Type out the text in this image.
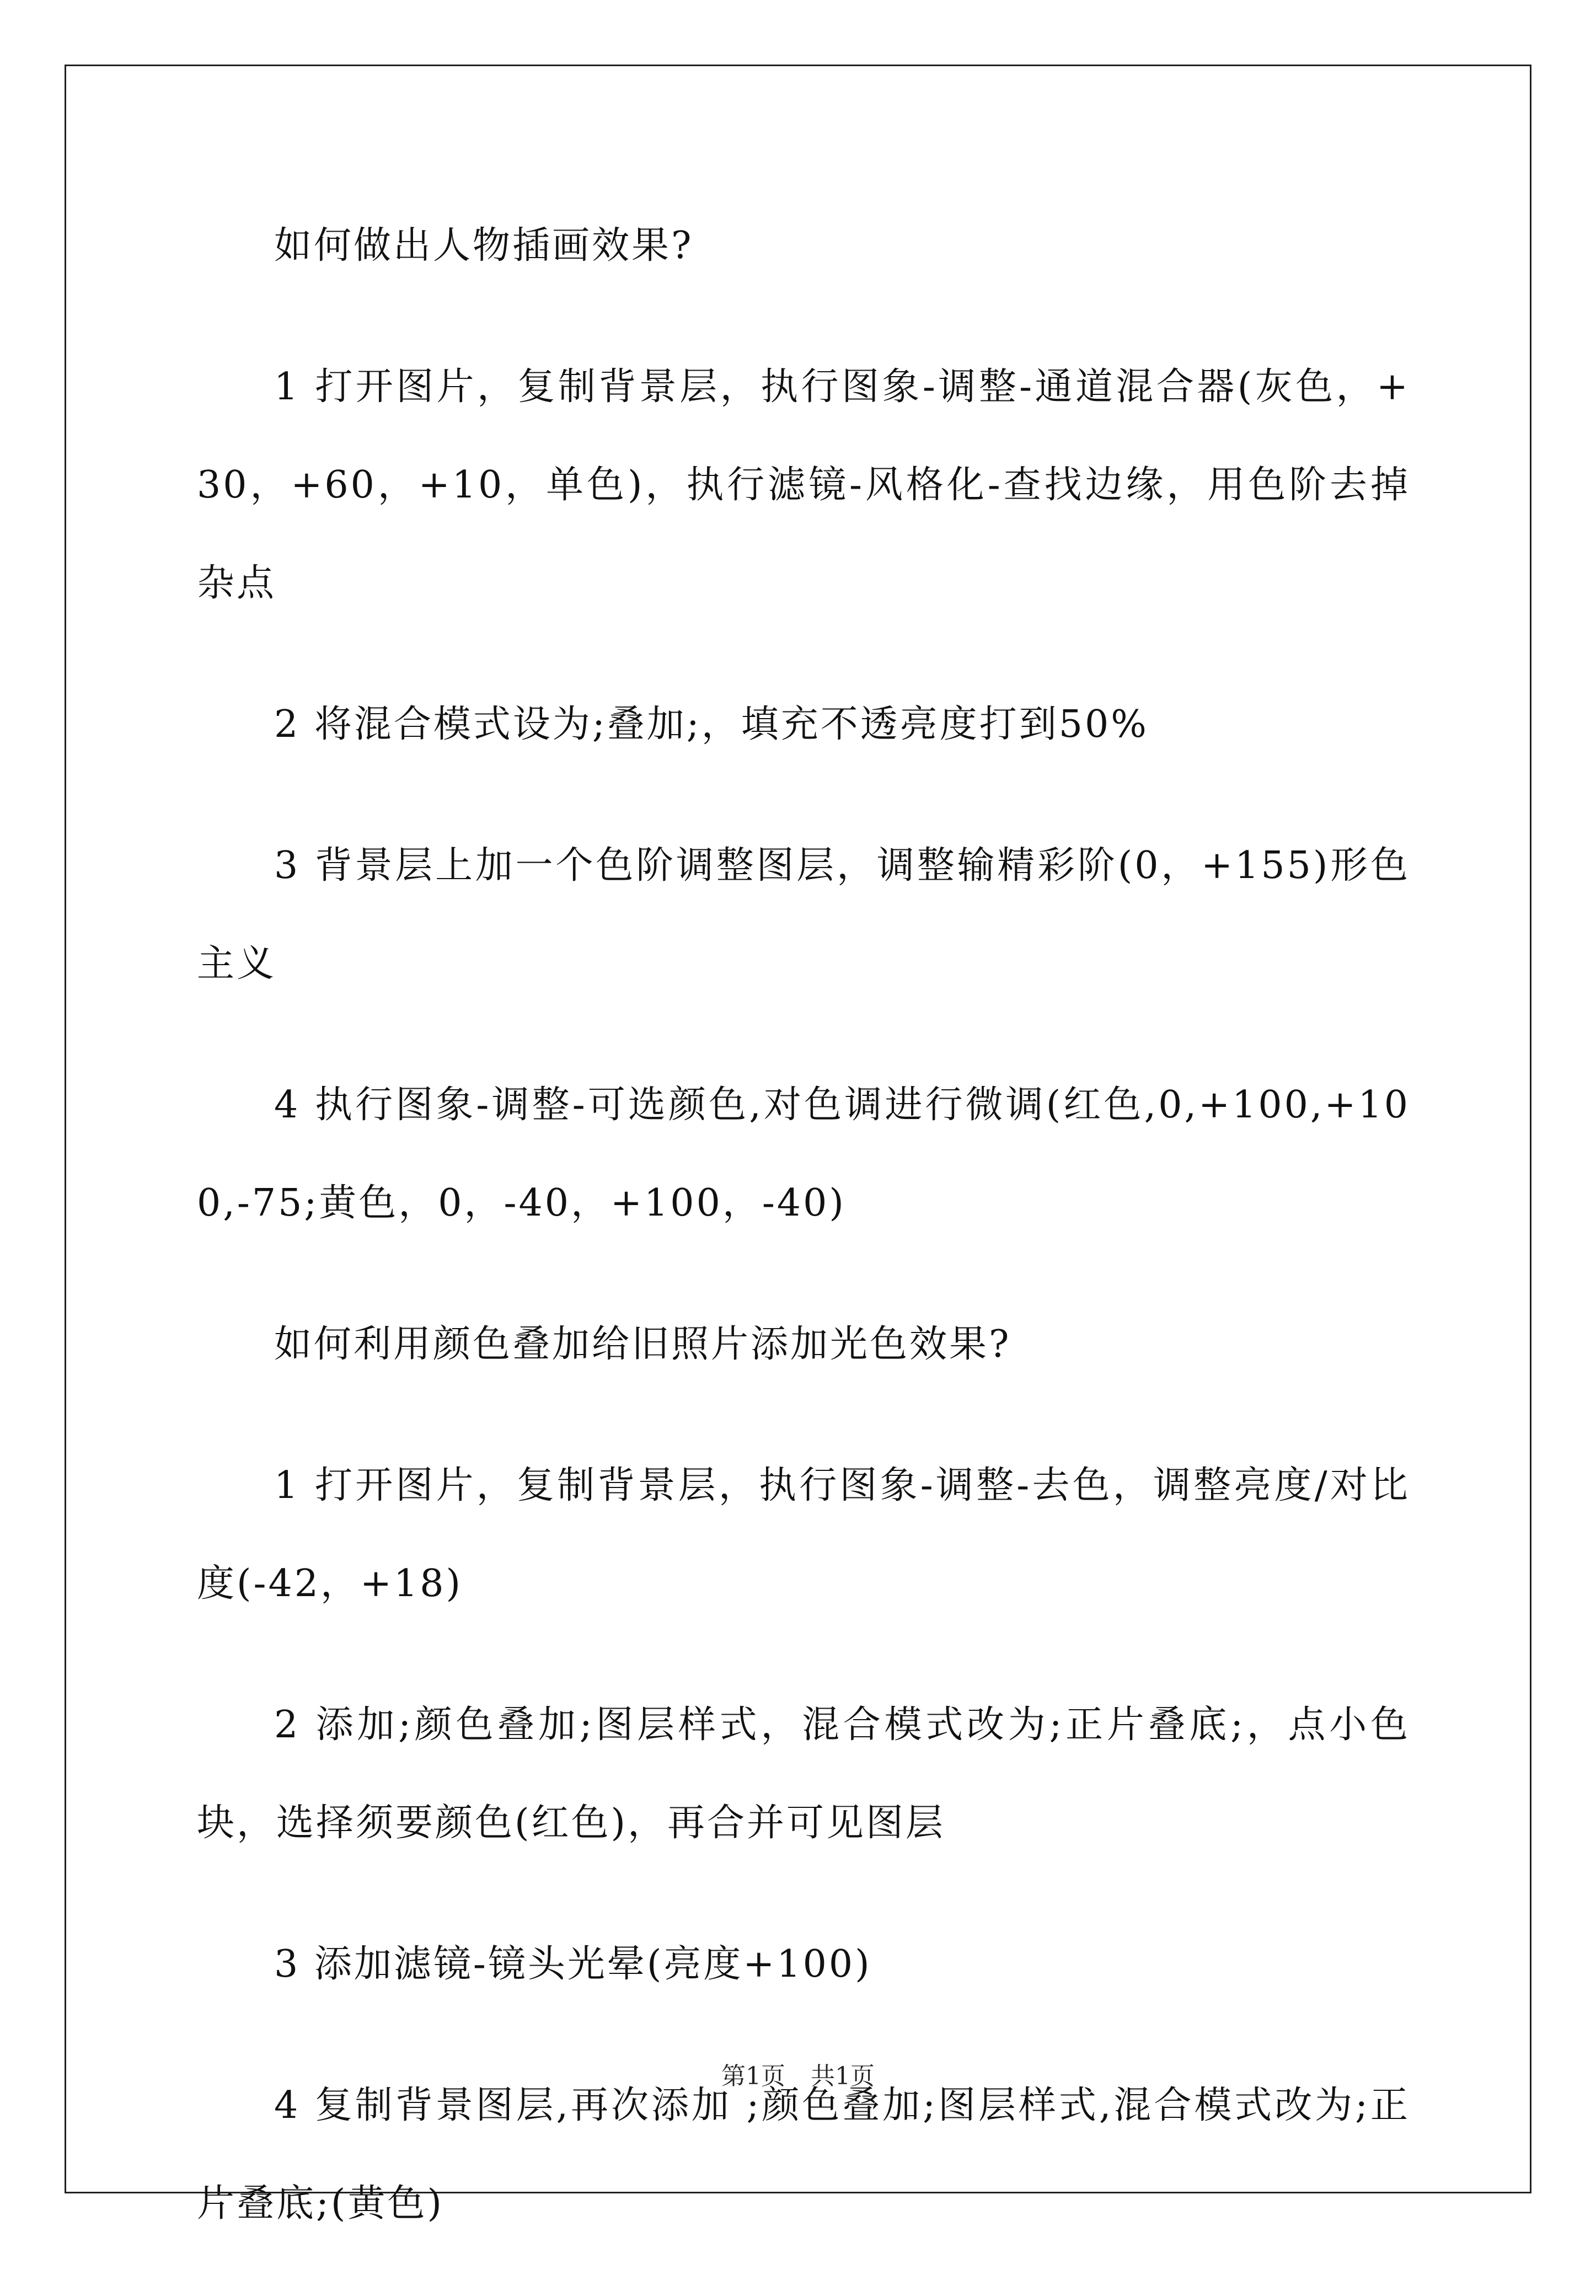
如何做出人物插画效果?

1 打开图片，复制背景层，执行图象-调整-通道混合器(灰色，+30，+60，+10，单色)，执行滤镜-风格化-查找边缘，用色阶去掉杂点

2 将混合模式设为;叠加;，填充不透亮度打到50%

3 背景层上加一个色阶调整图层，调整输精彩阶(0，+155)形色主义

4 执行图象-调整-可选颜色,对色调进行微调(红色,0,+100,+100,-75;黄色，0，-40，+100，-40)

如何利用颜色叠加给旧照片添加光色效果?

1 打开图片，复制背景层，执行图象-调整-去色，调整亮度/对比度(-42，+18)

2 添加;颜色叠加;图层样式，混合模式改为;正片叠底;，点小色块，选择须要颜色(红色)，再合并可见图层

3 添加滤镜-镜头光晕(亮度+100)

4 复制背景图层,再次添加 ;颜色叠加;图层样式,混合模式改为;正片叠底;(黄色)

第1页 共1页
